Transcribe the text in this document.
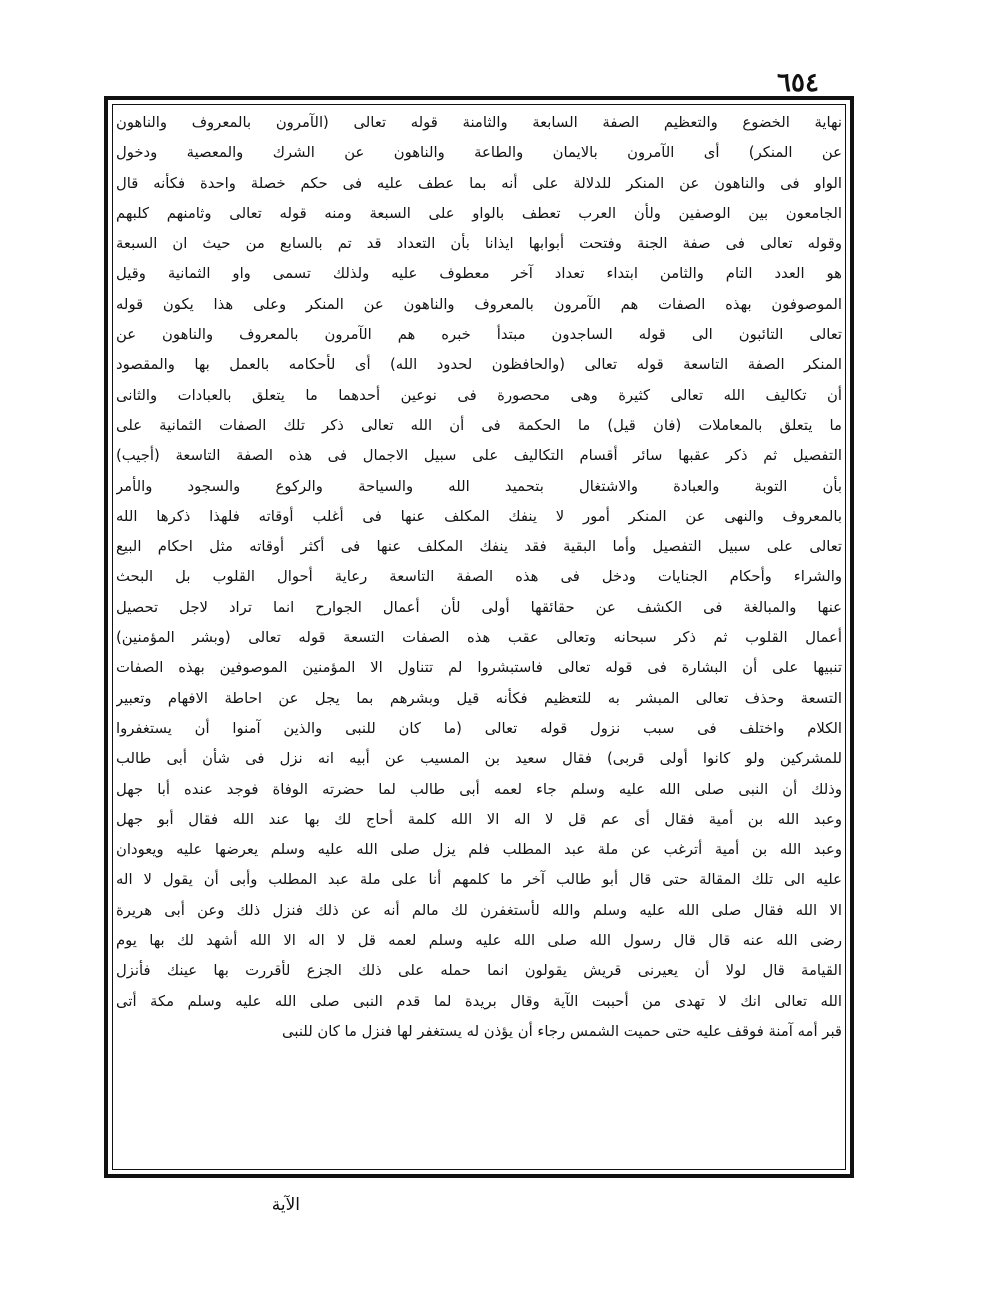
٦٥٤
نهاية الخضوع والتعظيم الصفة السابعة والثامنة قوله تعالى (الآمرون بالمعروف والناهون
عن المنكر) أى الآمرون بالايمان والطاعة والناهون عن الشرك والمعصية ودخول
الواو فى والناهون عن المنكر للدلالة على أنه بما عطف عليه فى حكم خصلة واحدة فكأنه قال
الجامعون بين الوصفين ولأن العرب تعطف بالواو على السبعة ومنه قوله تعالى وثامنهم كلبهم
وقوله تعالى فى صفة الجنة وفتحت أبوابها ايذانا بأن التعداد قد تم بالسابع من حيث ان السبعة
هو العدد التام والثامن ابتداء تعداد آخر معطوف عليه ولذلك تسمى واو الثمانية وقيل
الموصوفون بهذه الصفات هم الآمرون بالمعروف والناهون عن المنكر وعلى هذا يكون قوله
تعالى التائبون الى قوله الساجدون مبتدأ خبره هم الآمرون بالمعروف والناهون عن
المنكر الصفة التاسعة قوله تعالى (والحافظون لحدود الله) أى لأحكامه بالعمل بها والمقصود
أن تكاليف الله تعالى كثيرة وهى محصورة فى نوعين أحدهما ما يتعلق بالعبادات والثانى
ما يتعلق بالمعاملات (فان قيل) ما الحكمة فى أن الله تعالى ذكر تلك الصفات الثمانية على
التفصيل ثم ذكر عقبها سائر أقسام التكاليف على سبيل الاجمال فى هذه الصفة التاسعة (أجيب)
بأن التوبة والعبادة والاشتغال بتحميد الله والسياحة والركوع والسجود والأمر
بالمعروف والنهى عن المنكر أمور لا ينفك المكلف عنها فى أغلب أوقاته فلهذا ذكرها الله
تعالى على سبيل التفصيل وأما البقية فقد ينفك المكلف عنها فى أكثر أوقاته مثل احكام البيع
والشراء وأحكام الجنايات ودخل فى هذه الصفة التاسعة رعاية أحوال القلوب بل البحث
عنها والمبالغة فى الكشف عن حقائقها أولى لأن أعمال الجوارح انما تراد لاجل تحصيل
أعمال القلوب ثم ذكر سبحانه وتعالى عقب هذه الصفات التسعة قوله تعالى (وبشر المؤمنين)
تنبيها على أن البشارة فى قوله تعالى فاستبشروا لم تتناول الا المؤمنين الموصوفين بهذه الصفات
التسعة وحذف تعالى المبشر به للتعظيم فكأنه قيل وبشرهم بما يجل عن احاطة الافهام وتعبير
الكلام واختلف فى سبب نزول قوله تعالى (ما كان للنبى والذين آمنوا أن يستغفروا
للمشركين ولو كانوا أولى قربى) فقال سعيد بن المسيب عن أبيه انه نزل فى شأن أبى طالب
وذلك أن النبى صلى الله عليه وسلم جاء لعمه أبى طالب لما حضرته الوفاة فوجد عنده أبا جهل
وعبد الله بن أمية فقال أى عم قل لا اله الا الله كلمة أحاج لك بها عند الله فقال أبو جهل
وعبد الله بن أمية أترغب عن ملة عبد المطلب فلم يزل صلى الله عليه وسلم يعرضها عليه ويعودان
عليه الى تلك المقالة حتى قال أبو طالب آخر ما كلمهم أنا على ملة عبد المطلب وأبى أن يقول لا اله
الا الله فقال صلى الله عليه وسلم والله لأستغفرن لك مالم أنه عن ذلك فنزل ذلك وعن أبى هريرة
رضى الله عنه قال قال رسول الله صلى الله عليه وسلم لعمه قل لا اله الا الله أشهد لك بها يوم
القيامة قال لولا أن يعيرنى قريش يقولون انما حمله على ذلك الجزع لأقررت بها عينك فأنزل
الله تعالى انك لا تهدى من أحببت الآية وقال بريدة لما قدم النبى صلى الله عليه وسلم مكة أتى
قبر أمه آمنة فوقف عليه حتى حميت الشمس رجاء أن يؤذن له يستغفر لها فنزل ما كان للنبى
الآية
